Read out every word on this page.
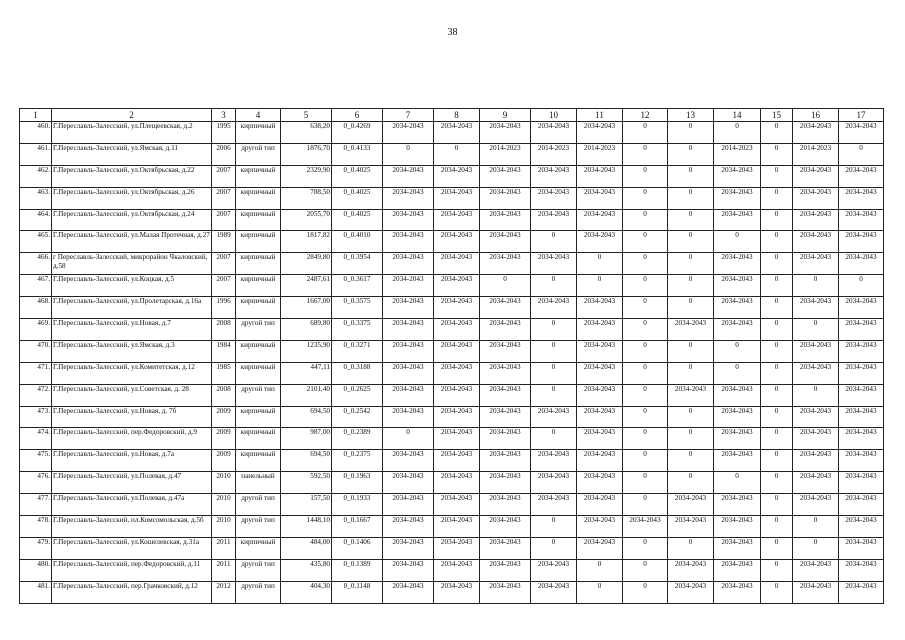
38
1	2	3	4	5	6	7	8	9	10	11	12	13	14	15	16	17
460.	Г.Переславль-Залесский, ул.Плещеевская, д.2	1995	кирпичный	638,20	0_0.4269	2034-2043	2034-2043	2034-2043	2034-2043	2034-2043	0	0	0	0	2034-2043	2034-2043
461.	Г.Переславль-Залесский, ул.Ямская, д.11	2006	другой тип	1876,70	0_0.4133	0	0	2014-2023	2014-2023	2014-2023	0	0	2014-2023	0	2014-2023	0
462.	Г.Переславль-Залесский, ул.Октябрьская, д.22	2007	кирпичный	2329,90	0_0.4025	2034-2043	2034-2043	2034-2043	2034-2043	2034-2043	0	0	2034-2043	0	2034-2043	2034-2043
463.	Г.Переславль-Залесский, ул.Октябрьская, д.26	2007	кирпичный	788,50	0_0.4025	2034-2043	2034-2043	2034-2043	2034-2043	2034-2043	0	0	2034-2043	0	2034-2043	2034-2043
464.	Г.Переславль-Залесский, ул.Октябрьская, д.24	2007	кирпичный	2055,70	0_0.4025	2034-2043	2034-2043	2034-2043	2034-2043	2034-2043	0	0	2034-2043	0	2034-2043	2034-2043
465.	Г.Переславль-Залесский, ул.Малая Протечная, д.27	1989	кирпичный	1817,82	0_0.4010	2034-2043	2034-2043	2034-2043	0	2034-2043	0	0	0	0	2034-2043	2034-2043
466.	г Переславль-Залесский, микрорайон Чкаловский, д.58	2007	кирпичный	2849,80	0_0.3954	2034-2043	2034-2043	2034-2043	2034-2043	0	0	0	2034-2043	0	2034-2043	2034-2043
467.	Г.Переславль-Залесский, ул.Коцкая, д.5	2007	кирпичный	2487,61	0_0.3617	2034-2043	2034-2043	0	0	0	0	0	2034-2043	0	0	0
468.	Г.Переславль-Залесский, ул.Пролетарская, д.16а	1996	кирпичный	1667,00	0_0.3575	2034-2043	2034-2043	2034-2043	2034-2043	2034-2043	0	0	2034-2043	0	2034-2043	2034-2043
469.	Г.Переславль-Залесский, ул.Новая, д.7	2008	другой тип	689,80	0_0.3375	2034-2043	2034-2043	2034-2043	0	2034-2043	0	2034-2043	2034-2043	0	0	2034-2043
470.	Г.Переславль-Залесский, ул.Ямская, д.3	1984	кирпичный	1235,90	0_0.3271	2034-2043	2034-2043	2034-2043	0	2034-2043	0	0	0	0	2034-2043	2034-2043
471.	Г.Переславль-Залесский, ул.Комитетская, д.12	1985	кирпичный	447,11	0_0.3188	2034-2043	2034-2043	2034-2043	0	2034-2043	0	0	0	0	2034-2043	2034-2043
472.	Г.Переславль-Залесский, ул.Советская, д. 28	2008	другой тип	2101,40	0_0.2625	2034-2043	2034-2043	2034-2043	0	2034-2043	0	2034-2043	2034-2043	0	0	2034-2043
473.	Г.Переславль-Залесский, ул.Новая, д. 7б	2009	кирпичный	694,50	0_0.2542	2034-2043	2034-2043	2034-2043	2034-2043	2034-2043	0	0	2034-2043	0	2034-2043	2034-2043
474.	Г.Переславль-Залесский, пер.Федоровский, д.9	2009	кирпичный	987,00	0_0.2389	0	2034-2043	2034-2043	0	2034-2043	0	0	2034-2043	0	2034-2043	2034-2043
475.	Г.Переславль-Залесский, ул.Новая, д.7а	2009	кирпичный	694,50	0_0.2375	2034-2043	2034-2043	2034-2043	2034-2043	2034-2043	0	0	2034-2043	0	2034-2043	2034-2043
476.	Г.Переславль-Залесский, ул.Полевая, д.47	2010	панельный	592,50	0_0.1963	2034-2043	2034-2043	2034-2043	2034-2043	2034-2043	0	0	0	0	2034-2043	2034-2043
477.	Г.Переславль-Залесский, ул.Полевая, д.47а	2010	другой тип	157,50	0_0.1933	2034-2043	2034-2043	2034-2043	2034-2043	2034-2043	0	2034-2043	2034-2043	0	2034-2043	2034-2043
478.	Г.Переславль-Залесский, пл.Комсомольская, д.5б	2010	другой тип	1448,10	0_0.1667	2034-2043	2034-2043	2034-2043	0	2034-2043	2034-2043	2034-2043	2034-2043	0	0	2034-2043
479.	Г.Переславль-Залесский, ул.Кошелевская, д.31а	2011	кирпичный	484,00	0_0.1406	2034-2043	2034-2043	2034-2043	0	2034-2043	0	0	2034-2043	0	0	2034-2043
480.	Г.Переславль-Залесский, пер.Федоровский, д.11	2011	другой тип	435,80	0_0.1389	2034-2043	2034-2043	2034-2043	2034-2043	0	0	2034-2043	2034-2043	0	2034-2043	2034-2043
481.	Г.Переславль-Залесский, пер.Грачковский, д.12	2012	другой тип	404,30	0_0.1148	2034-2043	2034-2043	2034-2043	2034-2043	0	0	2034-2043	2034-2043	0	2034-2043	2034-2043
